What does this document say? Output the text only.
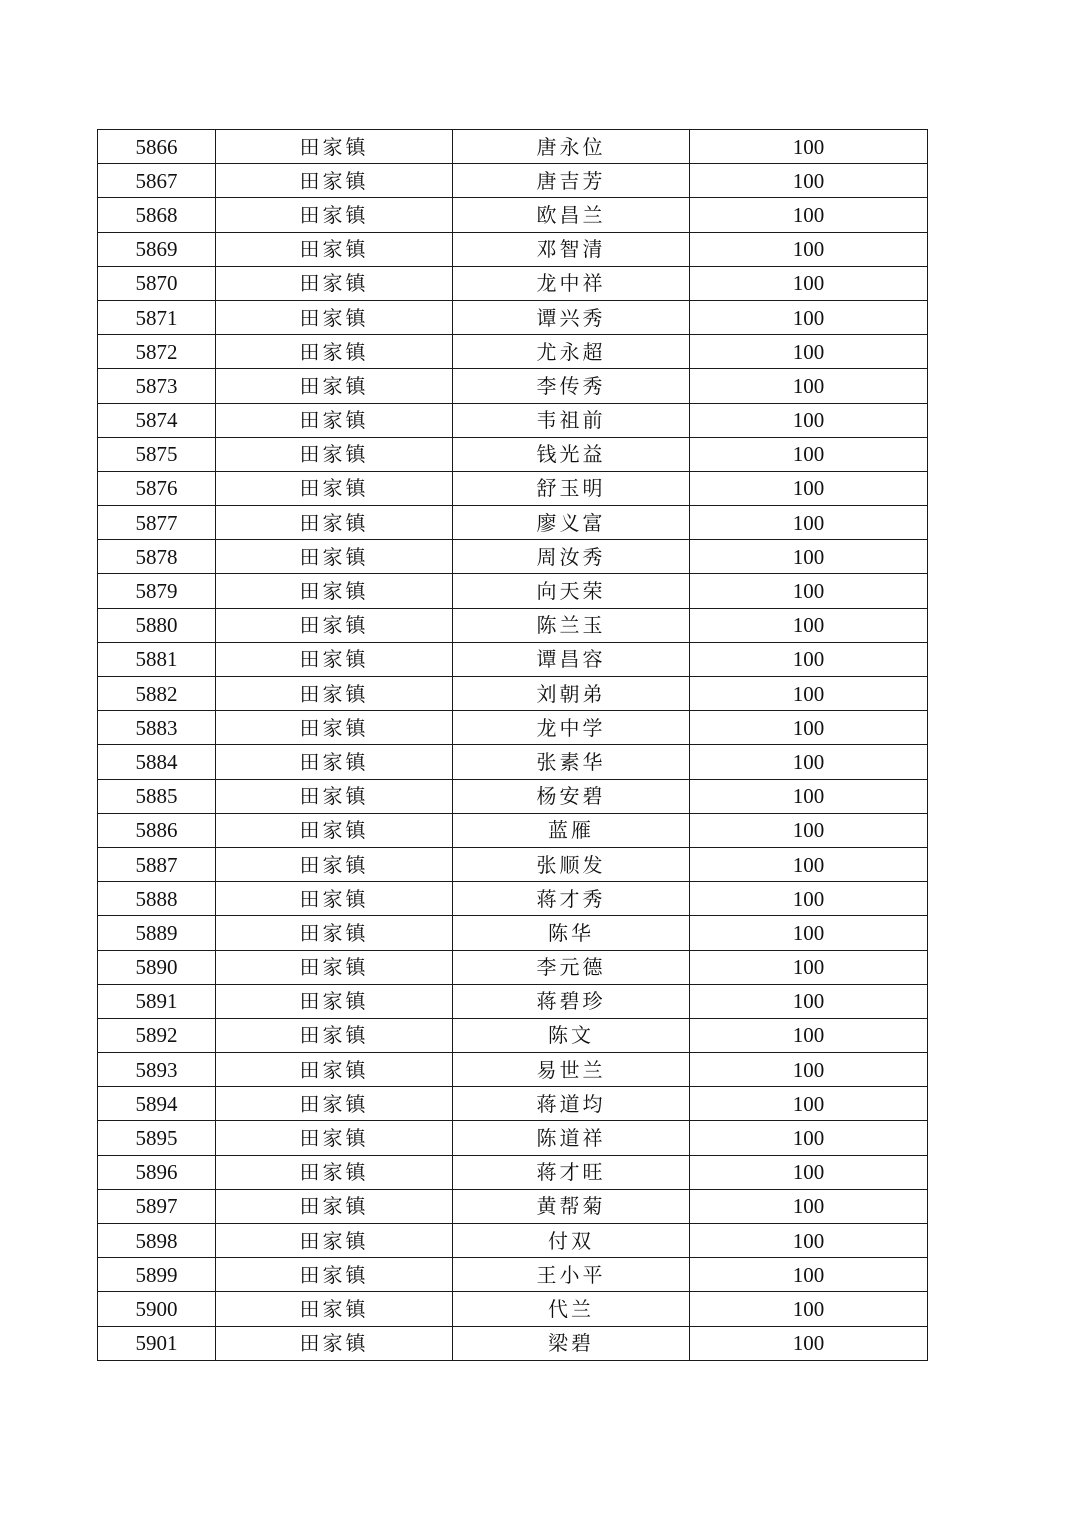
5866	田家镇	唐永位	100
5867	田家镇	唐吉芳	100
5868	田家镇	欧昌兰	100
5869	田家镇	邓智清	100
5870	田家镇	龙中祥	100
5871	田家镇	谭兴秀	100
5872	田家镇	尤永超	100
5873	田家镇	李传秀	100
5874	田家镇	韦祖前	100
5875	田家镇	钱光益	100
5876	田家镇	舒玉明	100
5877	田家镇	廖义富	100
5878	田家镇	周汝秀	100
5879	田家镇	向天荣	100
5880	田家镇	陈兰玉	100
5881	田家镇	谭昌容	100
5882	田家镇	刘朝弟	100
5883	田家镇	龙中学	100
5884	田家镇	张素华	100
5885	田家镇	杨安碧	100
5886	田家镇	蓝雁	100
5887	田家镇	张顺发	100
5888	田家镇	蒋才秀	100
5889	田家镇	陈华	100
5890	田家镇	李元德	100
5891	田家镇	蒋碧珍	100
5892	田家镇	陈文	100
5893	田家镇	易世兰	100
5894	田家镇	蒋道均	100
5895	田家镇	陈道祥	100
5896	田家镇	蒋才旺	100
5897	田家镇	黄帮菊	100
5898	田家镇	付双	100
5899	田家镇	王小平	100
5900	田家镇	代兰	100
5901	田家镇	梁碧	100
